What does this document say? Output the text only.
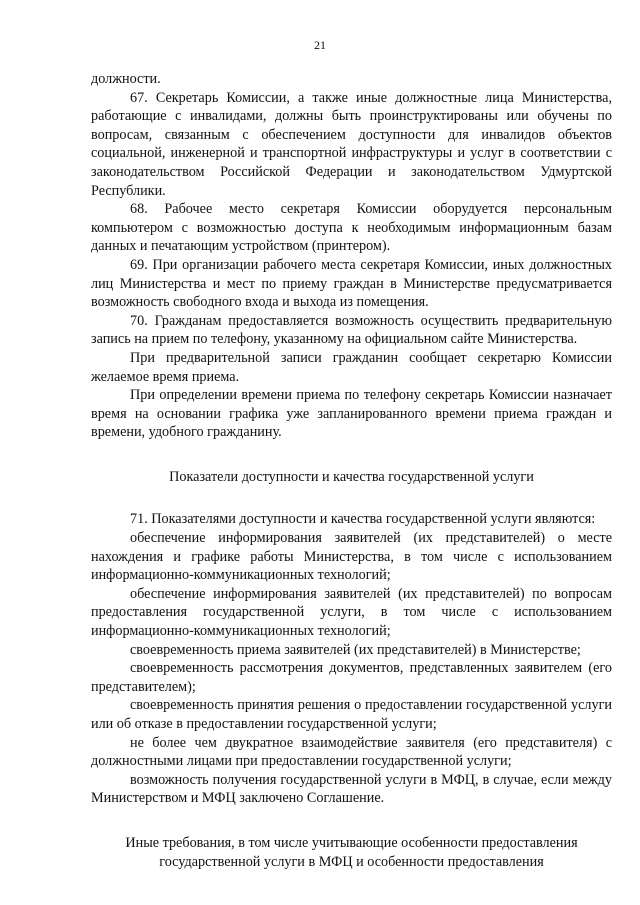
21

должности.

67. Секретарь Комиссии, а также иные должностные лица Министерства, работающие с инвалидами, должны быть проинструктированы или обучены по вопросам, связанным с обеспечением доступности для инвалидов объектов социальной, инженерной и транспортной инфраструктуры и услуг в соответствии с законодательством Российской Федерации и законодательством Удмуртской Республики.

68. Рабочее место секретаря Комиссии оборудуется персональным компьютером с возможностью доступа к необходимым информационным базам данных и печатающим устройством (принтером).

69. При организации рабочего места секретаря Комиссии, иных должностных лиц Министерства и мест по приему граждан в Министерстве предусматривается возможность свободного входа и выхода из помещения.

70. Гражданам предоставляется возможность осуществить предварительную запись на прием по телефону, указанному на официальном сайте Министерства.

При предварительной записи гражданин сообщает секретарю Комиссии желаемое время приема.

При определении времени приема по телефону секретарь Комиссии назначает время на основании графика уже запланированного времени приема граждан и времени, удобного гражданину.

Показатели доступности и качества государственной услуги

71. Показателями доступности и качества государственной услуги являются:

обеспечение информирования заявителей (их представителей) о месте нахождения и графике работы Министерства, в том числе с использованием информационно-коммуникационных технологий;

обеспечение информирования заявителей (их представителей) по вопросам предоставления государственной услуги, в том числе с использованием информационно-коммуникационных технологий;

своевременность приема заявителей (их представителей) в Министерстве;

своевременность рассмотрения документов, представленных заявителем (его представителем);

своевременность принятия решения о предоставлении государственной услуги или об отказе в предоставлении государственной услуги;

не более чем двукратное взаимодействие заявителя (его представителя) с должностными лицами при предоставлении государственной услуги;

возможность получения государственной услуги в МФЦ, в случае, если между Министерством и МФЦ заключено Соглашение.

Иные требования, в том числе учитывающие особенности предоставления государственной услуги в МФЦ и особенности предоставления
